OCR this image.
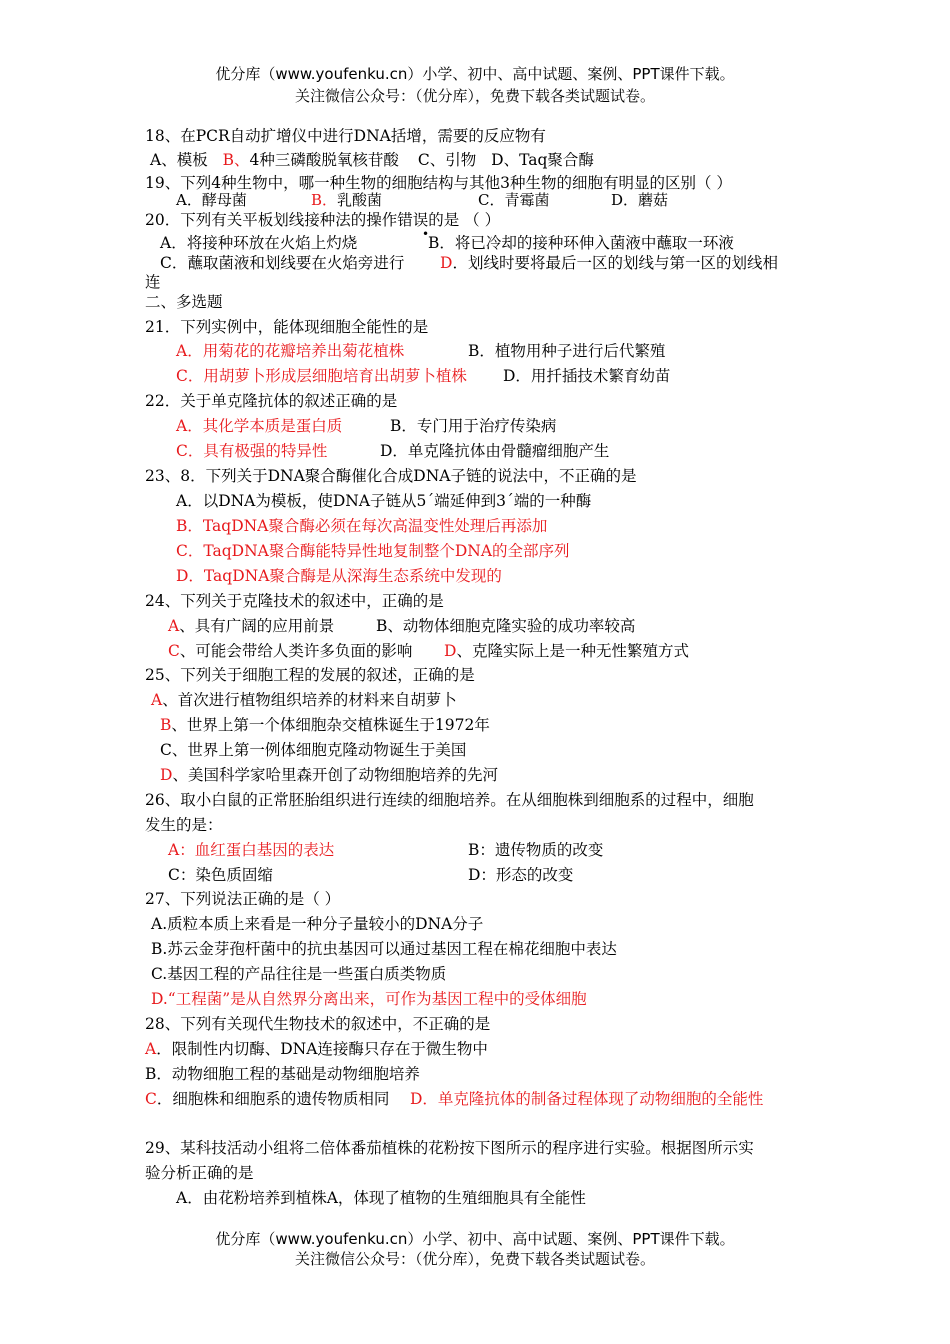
优分库（www.youfenku.cn）小学、初中、高中试题、案例、PPT课件下载。
关注微信公众号：（优分库），免费下载各类试题试卷。
18、在PCR自动扩增仪中进行DNA括增，需要的反应物有
A、模板 B、4种三磷酸脱氧核苷酸 C、引物 D、Taq聚合酶
19、下列4种生物中，哪一种生物的细胞结构与其他3种生物的细胞有明显的区别（ ）
A．酵母菌	B．乳酸菌	C．青霉菌	D．蘑菇
20．下列有关平板划线接种法的操作错误的是 （ ）
•
A．将接种环放在火焰上灼烧	B．将已冷却的接种环伸入菌液中蘸取一环液
C．蘸取菌液和划线要在火焰旁进行 D．划线时要将最后一区的划线与第一区的划线相
连
二、多选题
21．下列实例中，能体现细胞全能性的是
A．用菊花的花瓣培养出菊花植株	B．植物用种子进行后代繁殖
C．用胡萝卜形成层细胞培育出胡萝卜植株 D．用扦插技术繁育幼苗
22．关于单克隆抗体的叙述正确的是
A．其化学本质是蛋白质	B．专门用于治疗传染病
C．具有极强的特异性	D．单克隆抗体由骨髓瘤细胞产生
23、8．下列关于DNA聚合酶催化合成DNA子链的说法中，不正确的是
A．以DNA为模板，使DNA子链从5ˊ端延伸到3ˊ端的一种酶
B．TaqDNA聚合酶必须在每次高温变性处理后再添加
C．TaqDNA聚合酶能特异性地复制整个DNA的全部序列
D．TaqDNA聚合酶是从深海生态系统中发现的
24、下列关于克隆技术的叙述中，正确的是
A、具有广阔的应用前景	B、动物体细胞克隆实验的成功率较高
C、可能会带给人类许多负面的影响 D、克隆实际上是一种无性繁殖方式
25、下列关于细胞工程的发展的叙述，正确的是
A、首次进行植物组织培养的材料来自胡萝卜
B、世界上第一个体细胞杂交植株诞生于1972年
C、世界上第一例体细胞克隆动物诞生于美国
D、美国科学家哈里森开创了动物细胞培养的先河
26、取小白鼠的正常胚胎组织进行连续的细胞培养。在从细胞株到细胞系的过程中，细胞
发生的是：
A：血红蛋白基因的表达	B：遗传物质的改变
C：染色质固缩	D：形态的改变
27、下列说法正确的是（ ）
A.质粒本质上来看是一种分子量较小的DNA分子
B.苏云金芽孢杆菌中的抗虫基因可以通过基因工程在棉花细胞中表达
C.基因工程的产品往往是一些蛋白质类物质
D.“工程菌”是从自然界分离出来，可作为基因工程中的受体细胞
28、下列有关现代生物技术的叙述中，不正确的是
A．限制性内切酶、DNA连接酶只存在于微生物中
B．动物细胞工程的基础是动物细胞培养
C．细胞株和细胞系的遗传物质相同 D．单克隆抗体的制备过程体现了动物细胞的全能性
29、某科技活动小组将二倍体番茄植株的花粉按下图所示的程序进行实验。根据图所示实
验分析正确的是
A．由花粉培养到植株A，体现了植物的生殖细胞具有全能性
优分库（www.youfenku.cn）小学、初中、高中试题、案例、PPT课件下载。
关注微信公众号：（优分库），免费下载各类试题试卷。
